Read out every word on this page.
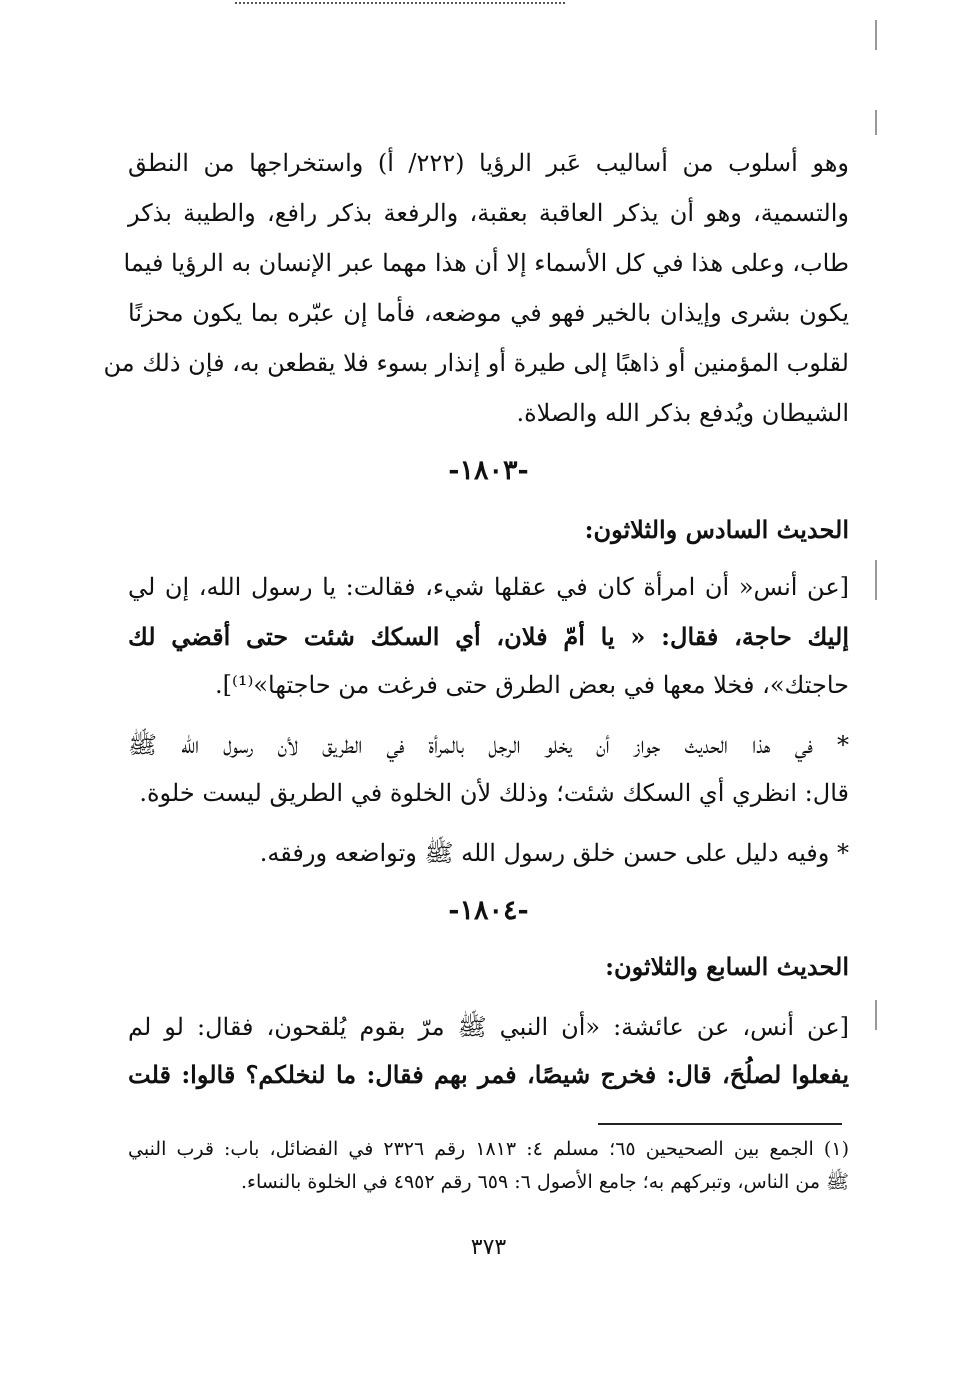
وهو أسلوب من أساليب عَبر الرؤيا (٢٢٢/ أ) واستخراجها من النطق
والتسمية، وهو أن يذكر العاقبة بعقبة، والرفعة بذكر رافع، والطيبة بذكر
طاب، وعلى هذا في كل الأسماء إلا أن هذا مهما عبر الإنسان به الرؤيا فيما
يكون بشرى وإيذان بالخير فهو في موضعه، فأما إن عبّره بما يكون محزنًا
لقلوب المؤمنين أو ذاهبًا إلى طيرة أو إنذار بسوء فلا يقطعن به، فإن ذلك من
الشيطان ويُدفع بذكر الله والصلاة.
-١٨٠٣-
الحديث السادس والثلاثون:
[عن أنس« أن امرأة كان في عقلها شيء، فقالت: يا رسول الله، إن لي
إليك حاجة، فقال: « يا أمّ فلان، أي السكك شئت حتى أقضي لك
حاجتك»، فخلا معها في بعض الطرق حتى فرغت من حاجتها»⁽¹⁾].
* في هذا الحديث جواز أن يخلو الرجل بالمرأة في الطريق لأن رسول الله ﷺ
قال: انظري أي السكك شئت؛ وذلك لأن الخلوة في الطريق ليست خلوة.
* وفيه دليل على حسن خلق رسول الله ﷺ وتواضعه ورفقه.
-١٨٠٤-
الحديث السابع والثلاثون:
[عن أنس، عن عائشة: «أن النبي ﷺ مرّ بقوم يُلقحون، فقال: لو لم
يفعلوا لصلُحَ، قال: فخرج شيصًا، فمر بهم فقال: ما لنخلكم؟ قالوا: قلت
(١) الجمع بين الصحيحين ٦٥؛ مسلم ٤: ١٨١٣ رقم ٢٣٢٦ في الفضائل، باب: قرب النبي
ﷺ من الناس، وتبركهم به؛ جامع الأصول ٦: ٦٥٩ رقم ٤٩٥٢ في الخلوة بالنساء.
٣٧٣
